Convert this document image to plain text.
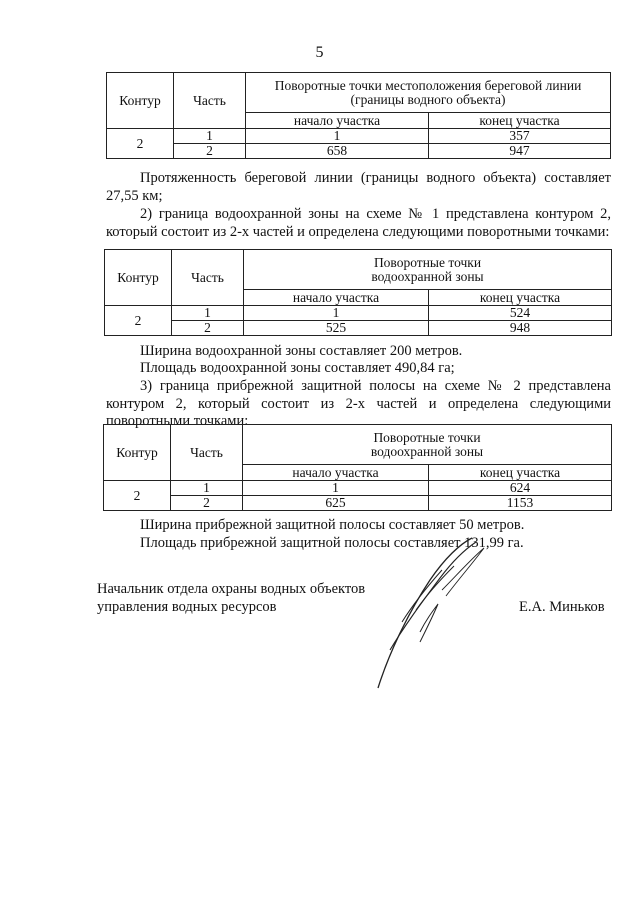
5
Контур	Часть	Поворотные точки местоположения береговой линии (границы водного объекта)	
		начало участка	конец участка
2	1	1	357
	2	658	947
Протяженность береговой линии (границы водного объекта) составляет 27,55 км;
2) граница водоохранной зоны на схеме № 1 представлена контуром 2, который состоит из 2-х частей и определена следующими поворотными точками:
Контур	Часть	Поворотные точки водоохранной зоны	
		начало участка	конец участка
2	1	1	524
	2	525	948
Ширина водоохранной зоны составляет 200 метров.
Площадь водоохранной зоны составляет 490,84 га;
3) граница прибрежной защитной полосы на схеме № 2 представлена контуром 2, который состоит из 2-х частей и определена следующими поворотными точками:
Контур	Часть	Поворотные точки водоохранной зоны	
		начало участка	конец участка
2	1	1	624
	2	625	1153
Ширина прибрежной защитной полосы составляет 50 метров.
Площадь прибрежной защитной полосы составляет 131,99 га.
Начальник отдела охраны водных объектов
управления водных ресурсов	Е.А. Миньков
